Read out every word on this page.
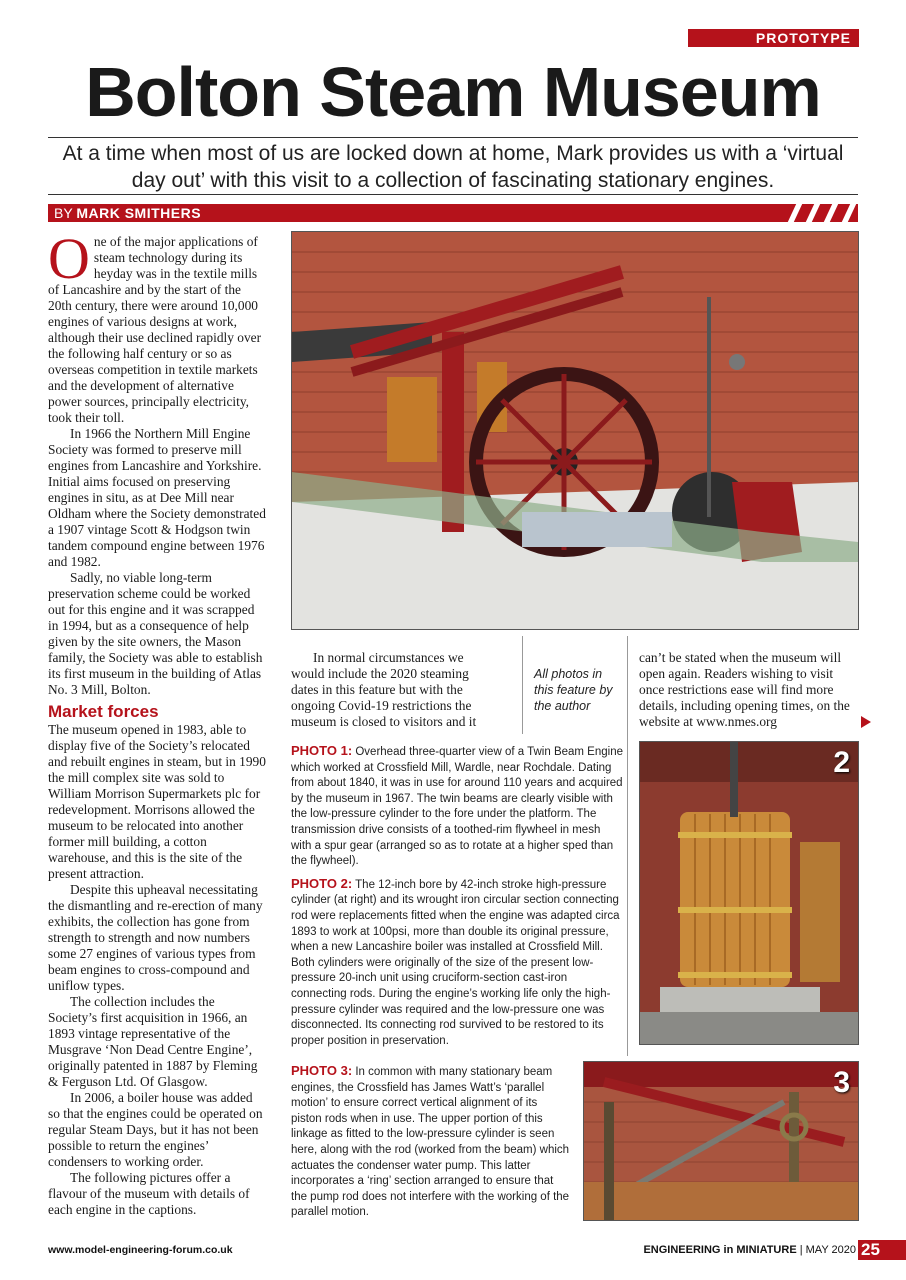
PROTOTYPE
Bolton Steam Museum
At a time when most of us are locked down at home, Mark provides us with a ‘virtual day out’ with this visit to a collection of fascinating stationary engines.
BY MARK SMITHERS

One of the major applications of steam technology during its heyday was in the textile mills of Lancashire and by the start of the 20th century, there were around 10,000 engines of various designs at work, although their use declined rapidly over the following half century or so as overseas competition in textile markets and the development of alternative power sources, principally electricity, took their toll.

In 1966 the Northern Mill Engine Society was formed to preserve mill engines from Lancashire and Yorkshire. Initial aims focused on preserving engines in situ, as at Dee Mill near Oldham where the Society demonstrated a 1907 vintage Scott & Hodgson twin tandem compound engine between 1976 and 1982.

Sadly, no viable long-term preservation scheme could be worked out for this engine and it was scrapped in 1994, but as a consequence of help given by the site owners, the Mason family, the Society was able to establish its first museum in the building of Atlas No. 3 Mill, Bolton.

Market forces

The museum opened in 1983, able to display five of the Society’s relocated and rebuilt engines in steam, but in 1990 the mill complex site was sold to William Morrison Supermarkets plc for redevelopment. Morrisons allowed the museum to be relocated into another former mill building, a cotton warehouse, and this is the site of the present attraction.

Despite this upheaval necessitating the dismantling and re-erection of many exhibits, the collection has gone from strength to strength and now numbers some 27 engines of various types from beam engines to cross-compound and uniflow types.

The collection includes the Society’s first acquisition in 1966, an 1893 vintage representative of the Musgrave ‘Non Dead Centre Engine’, originally patented in 1887 by Fleming & Ferguson Ltd. Of Glasgow.

In 2006, a boiler house was added so that the engines could be operated on regular Steam Days, but it has not been possible to return the engines’ condensers to working order.

The following pictures offer a flavour of the museum with details of each engine in the captions.

In normal circumstances we would include the 2020 steaming dates in this feature but with the ongoing Covid-19 restrictions the museum is closed to visitors and it

All photos in this feature by the author

can’t be stated when the museum will open again. Readers wishing to visit once restrictions ease will find more details, including opening times, on the website at www.nmes.org

PHOTO 1: Overhead three-quarter view of a Twin Beam Engine which worked at Crossfield Mill, Wardle, near Rochdale. Dating from about 1840, it was in use for around 110 years and acquired by the museum in 1967. The twin beams are clearly visible with the low-pressure cylinder to the fore under the platform. The transmission drive consists of a toothed-rim flywheel in mesh with a spur gear (arranged so as to rotate at a higher sped than the flywheel).

PHOTO 2: The 12-inch bore by 42-inch stroke high-pressure cylinder (at right) and its wrought iron circular section connecting rod were replacements fitted when the engine was adapted circa 1893 to work at 100psi, more than double its original pressure, when a new Lancashire boiler was installed at Crossfield Mill. Both cylinders were originally of the size of the present low-pressure 20-inch unit using cruciform-section cast-iron connecting rods. During the engine’s working life only the high-pressure cylinder was required and the low-pressure one was disconnected. Its connecting rod survived to be restored to its proper position in preservation.

2

PHOTO 3: In common with many stationary beam engines, the Crossfield has James Watt’s ‘parallel motion’ to ensure correct vertical alignment of its piston rods when in use. The upper portion of this linkage as fitted to the low-pressure cylinder is seen here, along with the rod (worked from the beam) which actuates the condenser water pump. This latter incorporates a ‘ring’ section arranged to ensure that the pump rod does not interfere with the working of the parallel motion.

3
www.model-engineering-forum.co.uk	ENGINEERING in MINIATURE | MAY 2020 25
